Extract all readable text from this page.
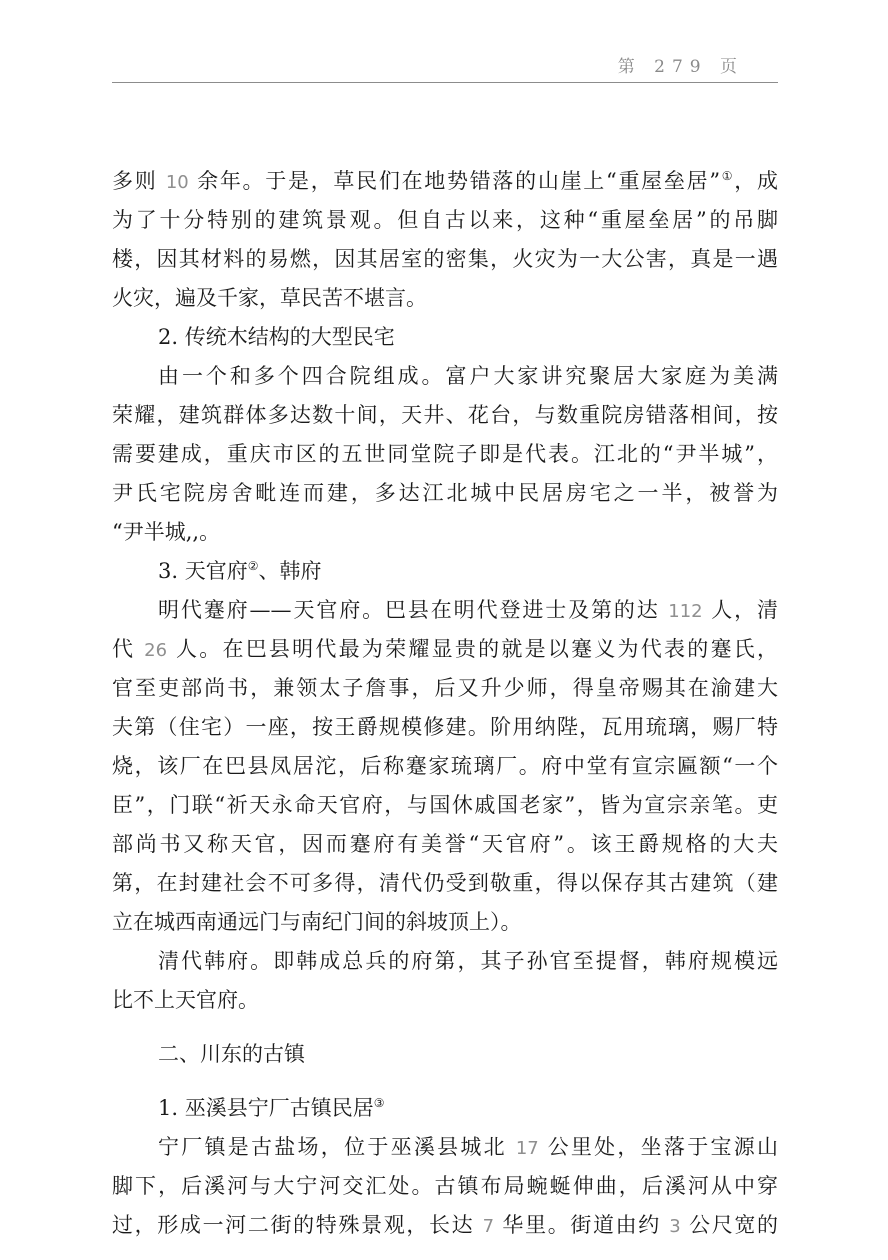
第 279 页
多则 10 余年。于是，草民们在地势错落的山崖上“重屋垒居”①，成
为了十分特别的建筑景观。但自古以来，这种“重屋垒居”的吊脚
楼，因其材料的易燃，因其居室的密集，火灾为一大公害，真是一遇
火灾，遍及千家，草民苦不堪言。
2. 传统木结构的大型民宅
由一个和多个四合院组成。富户大家讲究聚居大家庭为美满
荣耀，建筑群体多达数十间，天井、花台，与数重院房错落相间，按
需要建成，重庆市区的五世同堂院子即是代表。江北的“尹半城”，
尹氏宅院房舍毗连而建，多达江北城中民居房宅之一半，被誉为
“尹半城,,。
3. 天官府②、韩府
明代蹇府——天官府。巴县在明代登进士及第的达 112 人，清
代 26 人。在巴县明代最为荣耀显贵的就是以蹇义为代表的蹇氏，
官至吏部尚书，兼领太子詹事，后又升少师，得皇帝赐其在渝建大
夫第（住宅）一座，按王爵规模修建。阶用纳陛，瓦用琉璃，赐厂特
烧，该厂在巴县凤居沱，后称蹇家琉璃厂。府中堂有宣宗匾额“一个
臣”，门联“祈天永命天官府，与国休戚国老家”，皆为宣宗亲笔。吏
部尚书又称天官，因而蹇府有美誉“天官府”。该王爵规格的大夫
第，在封建社会不可多得，清代仍受到敬重，得以保存其古建筑（建
立在城西南通远门与南纪门间的斜坡顶上）。
清代韩府。即韩成总兵的府第，其子孙官至提督，韩府规模远
比不上天官府。
二、川东的古镇
1. 巫溪县宁厂古镇民居③
宁厂镇是古盐场，位于巫溪县城北 17 公里处，坐落于宝源山
脚下，后溪河与大宁河交汇处。古镇布局蜿蜒伸曲，后溪河从中穿
过，形成一河二街的特殊景观，长达 7 华里。街道由约 3 公尺宽的
